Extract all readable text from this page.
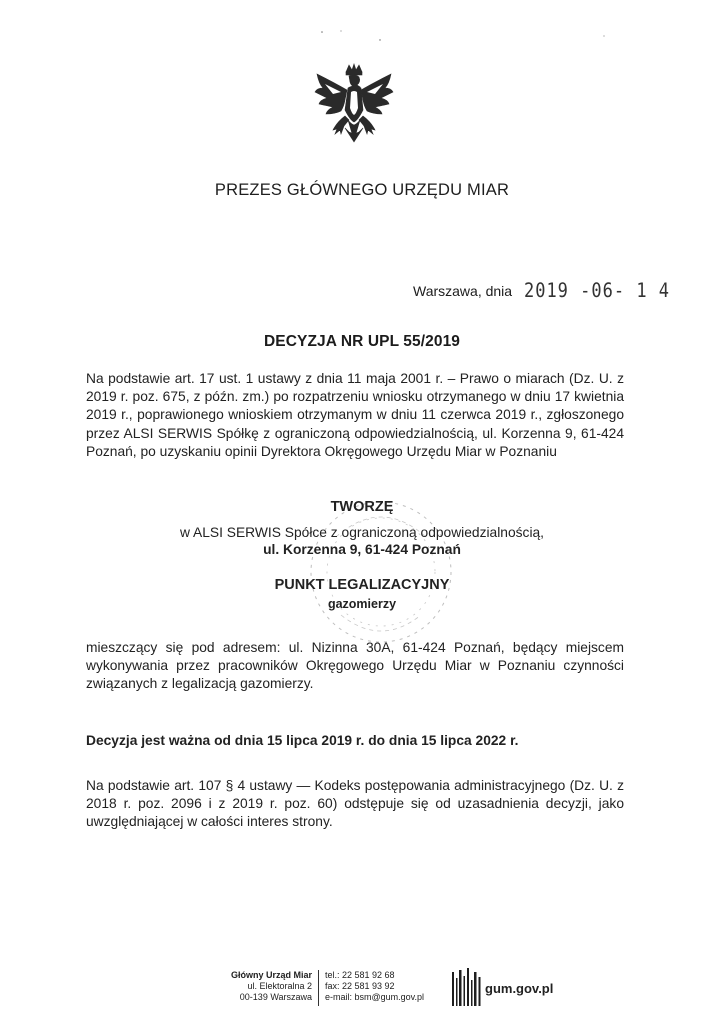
PREZES GŁÓWNEGO URZĘDU MIAR
Warszawa, dnia 2019 -06- 1 4
DECYZJA NR UPL 55/2019
Na podstawie art. 17 ust. 1 ustawy z dnia 11 maja 2001 r. – Prawo o miarach (Dz. U. z 2019 r. poz. 675, z późn. zm.) po rozpatrzeniu wniosku otrzymanego w dniu 17 kwietnia 2019 r., poprawionego wnioskiem otrzymanym w dniu 11 czerwca 2019 r., zgłoszonego przez ALSI SERWIS Spółkę z ograniczoną odpowiedzialnością, ul. Korzenna 9, 61-424 Poznań, po uzyskaniu opinii Dyrektora Okręgowego Urzędu Miar w Poznaniu
TWORZĘ
w ALSI SERWIS Spółce z ograniczoną odpowiedzialnością,
ul. Korzenna 9, 61-424 Poznań
PUNKT LEGALIZACYJNY
gazomierzy
mieszczący się pod adresem: ul. Nizinna 30A, 61-424 Poznań, będący miejscem wykonywania przez pracowników Okręgowego Urzędu Miar w Poznaniu czynności związanych z legalizacją gazomierzy.
Decyzja jest ważna od dnia 15 lipca 2019 r. do dnia 15 lipca 2022 r.
Na podstawie art. 107 § 4 ustawy — Kodeks postępowania administracyjnego (Dz. U. z 2018 r. poz. 2096 i z 2019 r. poz. 60) odstępuje się od uzasadnienia decyzji, jako uwzględniającej w całości interes strony.
Główny Urząd Miar
ul. Elektoralna 2
00-139 Warszawa
tel.: 22 581 92 68
fax: 22 581 93 92
e-mail: bsm@gum.gov.pl
gum.gov.pl
